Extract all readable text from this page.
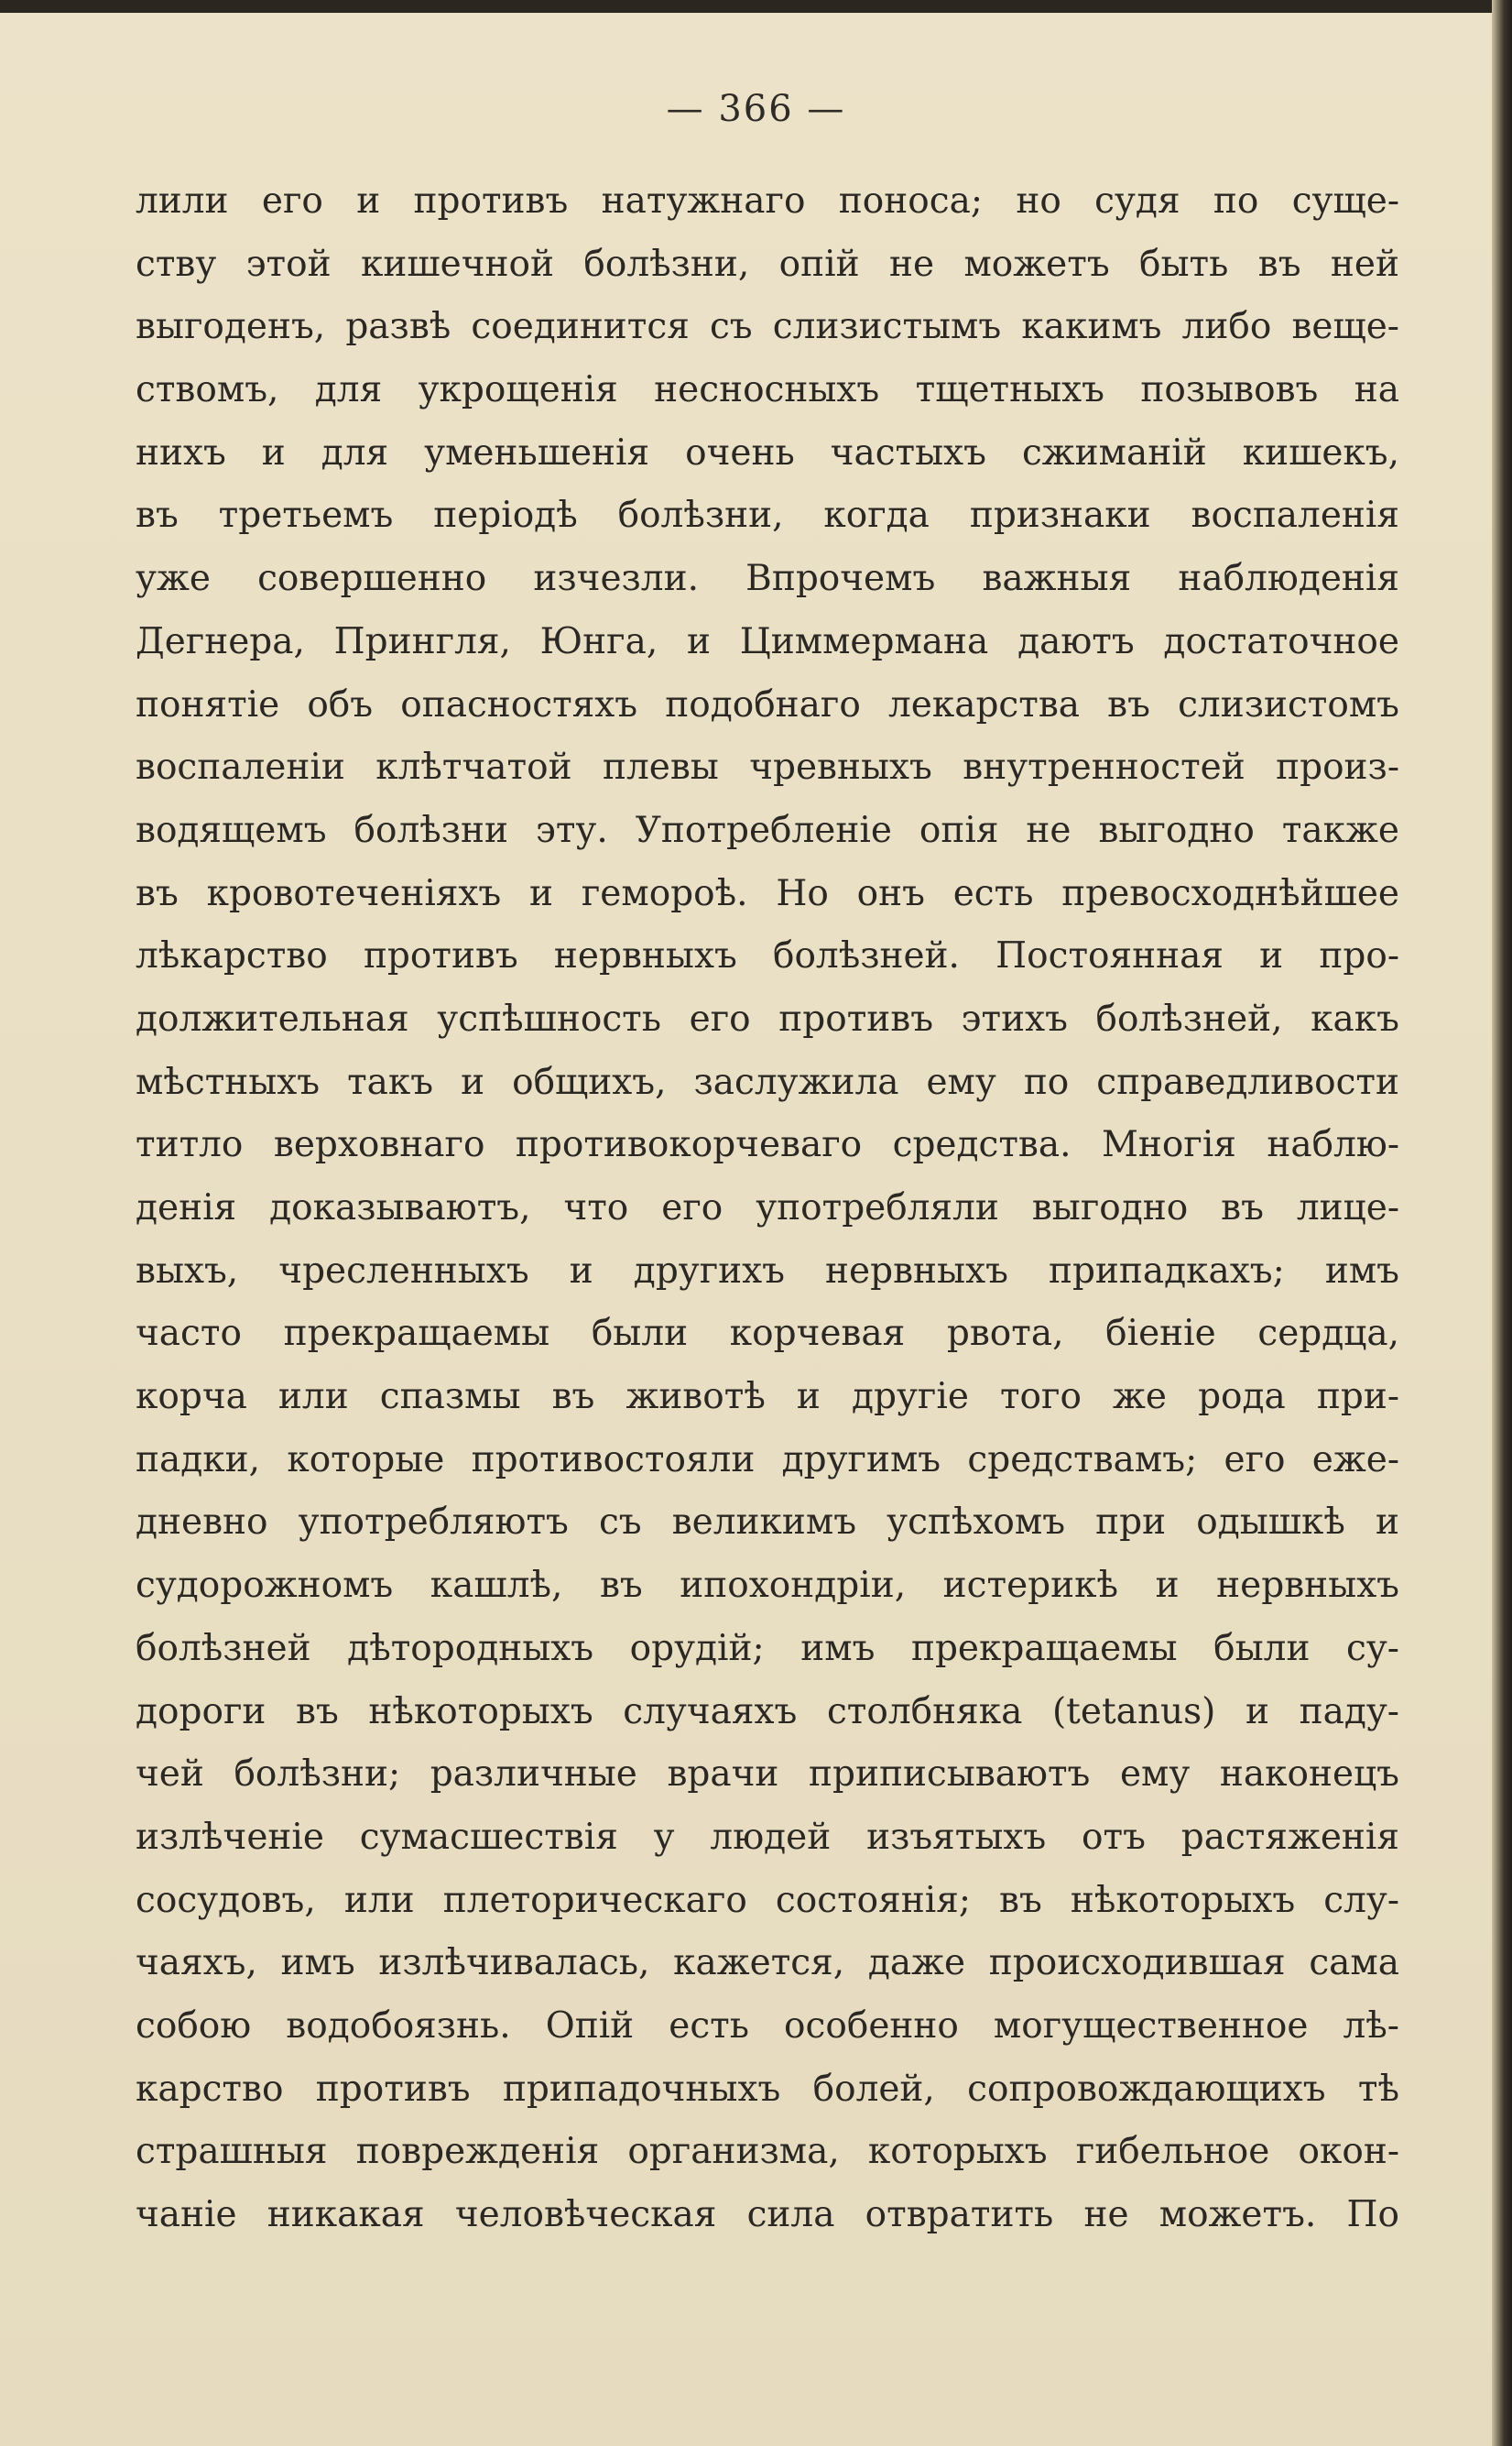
— 366 —
лили его и противъ натужнаго поноса; но судя по суще-
ству этой кишечной болѣзни, опій не можетъ быть въ ней
выгоденъ, развѣ соединится съ слизистымъ какимъ либо веще-
ствомъ, для укрощенія несносныхъ тщетныхъ позывовъ на
нихъ и для уменьшенія очень частыхъ сжиманій кишекъ,
въ третьемъ періодѣ болѣзни, когда признаки воспаленія
уже совершенно изчезли. Впрочемъ важныя наблюденія
Дегнера, Прингля, Юнга, и Циммермана даютъ достаточное
понятіе объ опасностяхъ подобнаго лекарства въ слизистомъ
воспаленіи клѣтчатой плевы чревныхъ внутренностей произ-
водящемъ болѣзни эту. Употребленіе опія не выгодно также
въ кровотеченіяхъ и гемороѣ. Но онъ есть превосходнѣйшее
лѣкарство противъ нервныхъ болѣзней. Постоянная и про-
должительная успѣшность его противъ этихъ болѣзней, какъ
мѣстныхъ такъ и общихъ, заслужила ему по справедливости
титло верховнаго противокорчеваго средства. Многія наблю-
денія доказываютъ, что его употребляли выгодно въ лице-
выхъ, чресленныхъ и другихъ нервныхъ припадкахъ; имъ
часто прекращаемы были корчевая рвота, біеніе сердца,
корча или спазмы въ животѣ и другіе того же рода при-
падки, которые противостояли другимъ средствамъ; его еже-
дневно употребляютъ съ великимъ успѣхомъ при одышкѣ и
судорожномъ кашлѣ, въ ипохондріи, истерикѣ и нервныхъ
болѣзней дѣтородныхъ орудій; имъ прекращаемы были су-
дороги въ нѣкоторыхъ случаяхъ столбняка (tetanus) и паду-
чей болѣзни; различные врачи приписываютъ ему наконецъ
излѣченіе сумасшествія у людей изъятыхъ отъ растяженія
сосудовъ, или плеторическаго состоянія; въ нѣкоторыхъ слу-
чаяхъ, имъ излѣчивалась, кажется, даже происходившая сама
собою водобоязнь. Опій есть особенно могущественное лѣ-
карство противъ припадочныхъ болей, сопровождающихъ тѣ
страшныя поврежденія организма, которыхъ гибельное окон-
чаніе никакая человѣческая сила отвратить не можетъ. По
